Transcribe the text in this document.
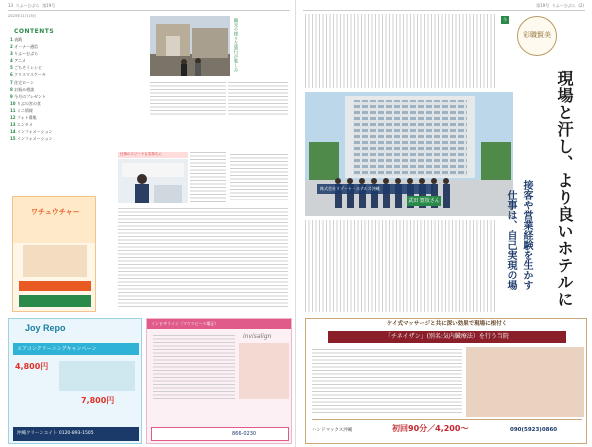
13 りふ～むぷら 第19号
2023年11月15日
CONTENTS
1 表紙
2 オーナー通信
3 りふ～むぷら
4 アニメ
5 ごちそうレシピ
6 クリスマスケーキ
7 住宅ローン
8 お悩み相談
9 今月のプレゼント
10 りぶの宮の食
11 ミニ情報
12 フォト募集
13 エンタメ
14 インフォメーション
15 インフォメーション
観光や様々な旅行が楽しみ
仕事のスピードも気持ちに
ワチュウチャー
Joy Repo
エアコンクリーニングキャンペーン
4,800円
7,800円
沖縄クリーンエイト 0120-893-1505
インビザライン（マウスピース矯正）
invisalign
866-0230
第19号 りふ～むぷら (2)
今
彩職賢美
現場と汗し、より良いホテルに
株式会社リゾート・ホテルズ沖縄
武田 寛枝さん	接客や営業経験を生かす
仕事は、自己実現の場
ケイ式マッサージと共に深い効果で現場に根付く
「チネイザン」(別名:気内臓療法）を行う当院
ハンドマックス沖縄	初回90分／4,200～	090(5923)0860
